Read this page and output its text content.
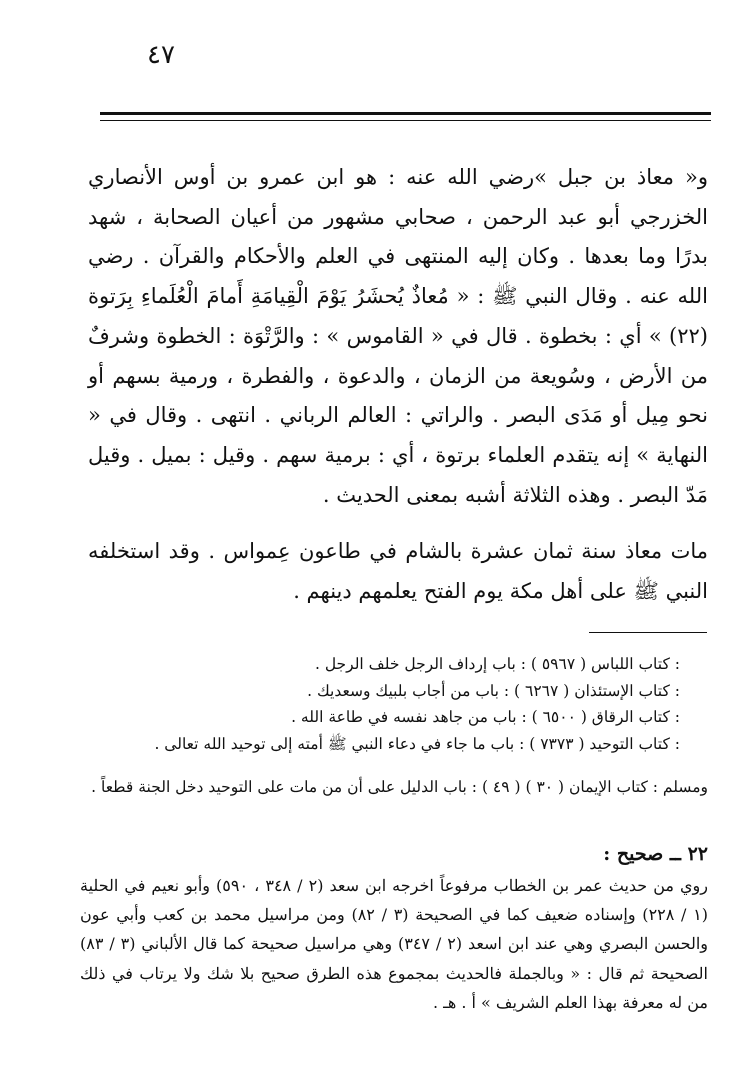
٤٧

و« معاذ بن جبل »رضي الله عنه : هو ابن عمرو بن أوس الأنصاري الخزرجي أبو عبد الرحمن ، صحابي مشهور من أعيان الصحابة ، شهد بدرًا وما بعدها . وكان إليه المنتهى في العلم والأحكام والقرآن . رضي الله عنه . وقال النبي ﷺ : « مُعاذٌ يُحشَرُ يَوْمَ الْقِيامَةِ أَمامَ الْعُلَماءِ بِرَتوة (٢٢) » أي : بخطوة . قال في « القاموس » : والرَّتْوَة : الخطوة وشرفٌ من الأرض ، وسُويعة من الزمان ، والدعوة ، والفطرة ، ورمية بسهم أو نحو مِيل أو مَدَى البصر . والراتي : العالم الرباني . انتهى . وقال في « النهاية » إنه يتقدم العلماء برتوة ، أي : برمية سهم . وقيل : بميل . وقيل مَدّ البصر . وهذه الثلاثة أشبه بمعنى الحديث .

مات معاذ سنة ثمان عشرة بالشام في طاعون عِمواس . وقد استخلفه النبي ﷺ على أهل مكة يوم الفتح يعلمهم دينهم .

: كتاب اللباس ( ٥٩٦٧ ) : باب إرداف الرجل خلف الرجل .

: كتاب الإستئذان ( ٦٢٦٧ ) : باب من أجاب بلبيك وسعديك .

: كتاب الرقاق ( ٦٥٠٠ ) : باب من جاهد نفسه في طاعة الله .

: كتاب التوحيد ( ٧٣٧٣ ) : باب ما جاء في دعاء النبي ﷺ أمته إلى توحيد الله تعالى .

ومسلم : كتاب الإيمان ( ٣٠ ) ( ٤٩ ) : باب الدليل على أن من مات على التوحيد دخل الجنة قطعاً .

٢٢ ــ صحيح :

روي من حديث عمر بن الخطاب مرفوعاً اخرجه ابن سعد (٢ / ٣٤٨ ، ٥٩٠) وأبو نعيم في الحلية (١ / ٢٢٨) وإسناده ضعيف كما في الصحيحة (٣ / ٨٢) ومن مراسيل محمد بن كعب وأبي عون والحسن البصري وهي عند ابن اسعد (٢ / ٣٤٧) وهي مراسيل صحيحة كما قال الألباني (٣ / ٨٣) الصحيحة ثم قال : « وبالجملة فالحديث بمجموع هذه الطرق صحيح بلا شك ولا يرتاب في ذلك من له معرفة بهذا العلم الشريف » أ . هـ .
